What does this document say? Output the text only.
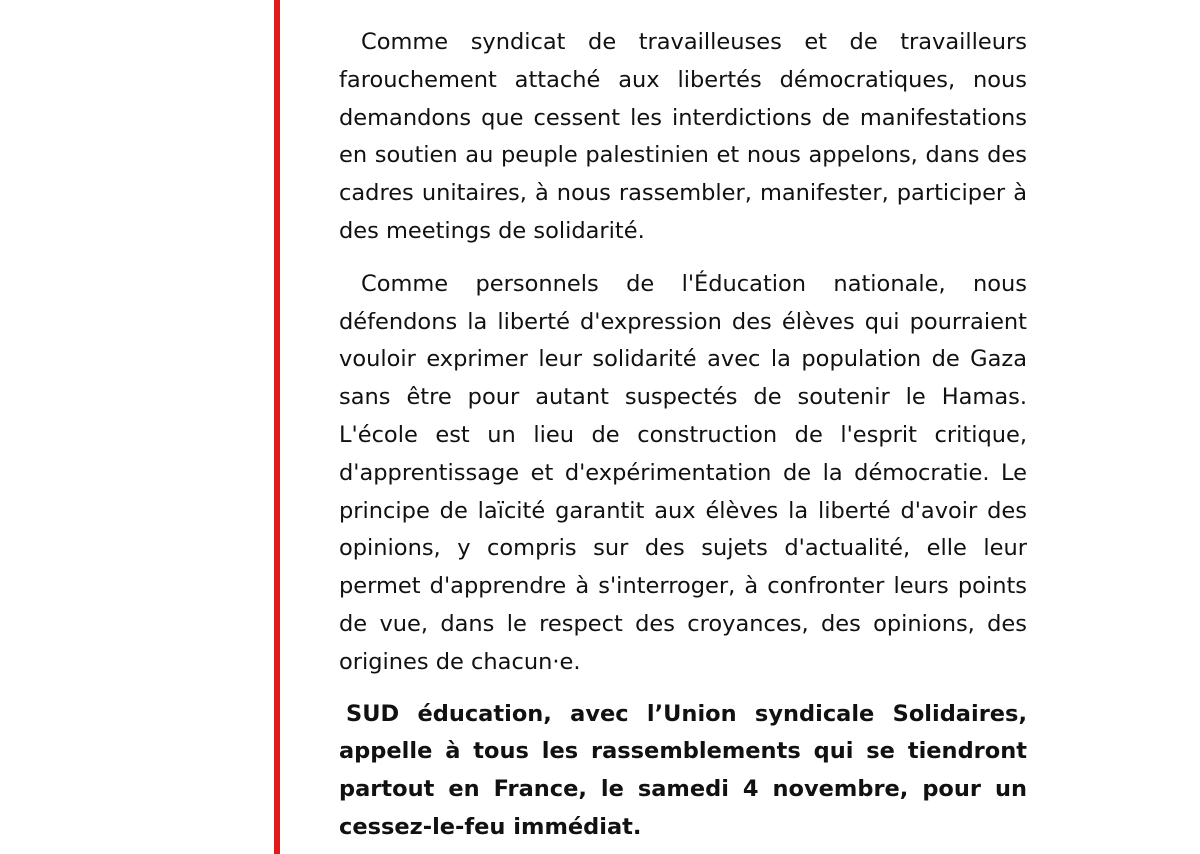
Comme syndicat de travailleuses et de travailleurs farouchement attaché aux libertés démocratiques, nous demandons que cessent les interdictions de manifestations en soutien au peuple palestinien et nous appelons, dans des cadres unitaires, à nous rassembler, manifester, participer à des meetings de solidarité.

Comme personnels de l'Éducation nationale, nous défendons la liberté d'expression des élèves qui pourraient vouloir exprimer leur solidarité avec la population de Gaza sans être pour autant suspectés de soutenir le Hamas. L'école est un lieu de construction de l'esprit critique, d'apprentissage et d'expérimentation de la démocratie. Le principe de laïcité garantit aux élèves la liberté d'avoir des opinions, y compris sur des sujets d'actualité, elle leur permet d'apprendre à s'interroger, à confronter leurs points de vue, dans le respect des croyances, des opinions, des origines de chacun·e.

SUD éducation, avec l’Union syndicale Solidaires, appelle à tous les rassemblements qui se tiendront partout en France, le samedi 4 novembre, pour un cessez-le-feu immédiat.
